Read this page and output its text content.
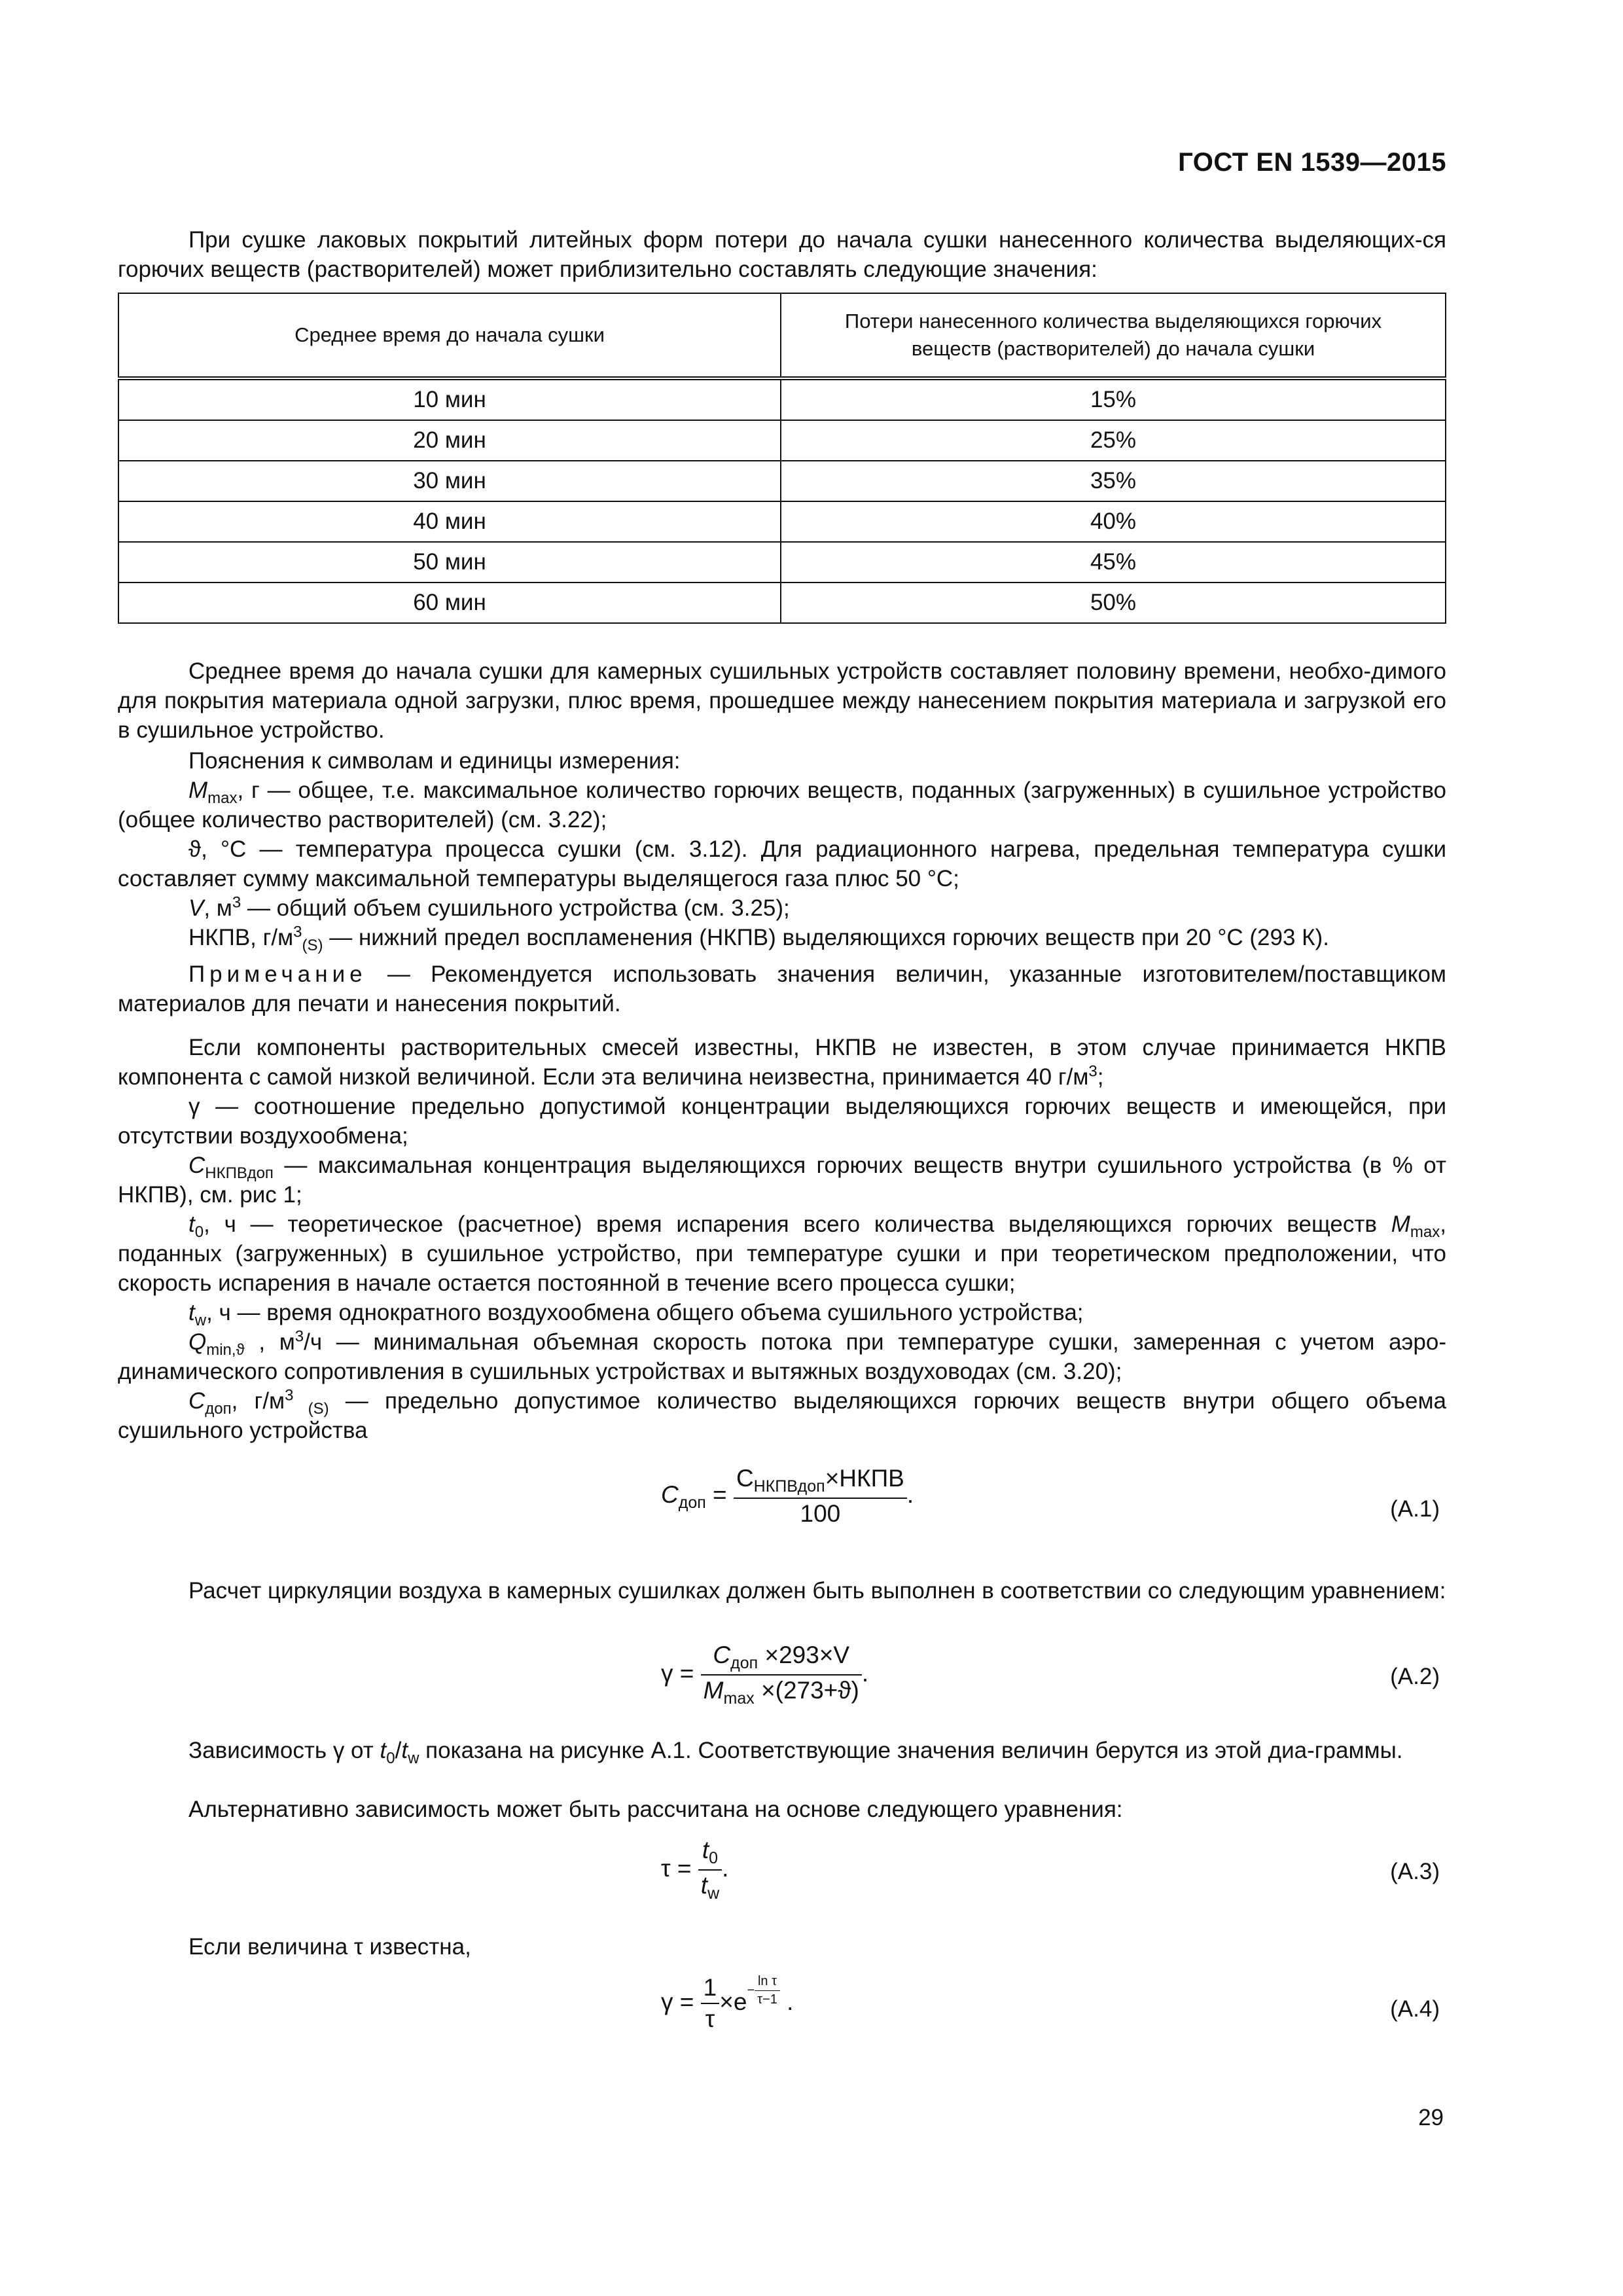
ГОСТ EN 1539—2015
При сушке лаковых покрытий литейных форм потери до начала сушки нанесенного количества выделяющих-ся горючих веществ (растворителей) может приблизительно составлять следующие значения:
Среднее время до начала сушки	Потери нанесенного количества выделяющихся горючих веществ (растворителей) до начала сушки

10 мин	15%
20 мин	25%
30 мин	35%
40 мин	40%
50 мин	45%
60 мин	50%
Среднее время до начала сушки для камерных сушильных устройств составляет половину времени, необхо-димого для покрытия материала одной загрузки, плюс время, прошедшее между нанесением покрытия материала и загрузкой его в сушильное устройство.
Пояснения к символам и единицы измерения:
$M_{max}$, г — общее, т.е. максимальное количество горючих веществ, поданных (загруженных) в сушильное устройство (общее количество растворителей) (см. 3.22);
ϑ, °С — температура процесса сушки (см. 3.12). Для радиационного нагрева, предельная температура сушки составляет сумму максимальной температуры выделящегося газа плюс 50 °С;
V, $м^3$ — общий объем сушильного устройства (см. 3.25);
НКПВ, $г/м^3_{(S)}$ — нижний предел воспламенения (НКПВ) выделяющихся горючих веществ при 20 °С (293 К).
Примечание — Рекомендуется использовать значения величин, указанные изготовителем/поставщиком материалов для печати и нанесения покрытий.
Если компоненты растворительных смесей известны, НКПВ не известен, в этом случае принимается НКПВ компонента с самой низкой величиной. Если эта величина неизвестна, принимается 40 $г/м^3$;
γ — соотношение предельно допустимой концентрации выделяющихся горючих веществ и имеющейся, при отсутствии воздухообмена;
$C_{НКПВдоп}$ — максимальная концентрация выделяющихся горючих веществ внутри сушильного устройства (в % от НКПВ), см. рис 1;
$t_0$, ч — теоретическое (расчетное) время испарения всего количества выделяющихся горючих веществ $M_{max}$, поданных (загруженных) в сушильное устройство, при температуре сушки и при теоретическом предположении, что скорость испарения в начале остается постоянной в течение всего процесса сушки;
$t_w$, ч — время однократного воздухообмена общего объема сушильного устройства;
$Q_{min,ϑ}$ , $м^3/ч$ — минимальная объемная скорость потока при температуре сушки, замеренная с учетом аэро-динамического сопротивления в сушильных устройствах и вытяжных воздуховодах (см. 3.20);
$C_{доп}$, $г/м^3$ $_{(S)}$ — предельно допустимое количество выделяющихся горючих веществ внутри общего объема сушильного устройства
$C_{доп} = \frac{C_{НКПВдоп}\times НКПВ}{100}$ .
(А.1)
Расчет циркуляции воздуха в камерных сушилках должен быть выполнен в соответствии со следующим уравнением:
$\gamma = \frac{C_{доп} \times 293\times V}{M_{max} \times(273+ϑ)}$ .	(А.2)
Зависимость γ от $t_0/t_w$ показана на рисунке А.1. Соответствующие значения величин берутся из этой диа-граммы.
Альтернативно зависимость может быть рассчитана на основе следующего уравнения:
$\tau = \frac{t_0}{t_w}$ .	(А.3)
Если величина τ известна,
$\gamma = \frac{1}{\tau} \times e- \frac{\text{ln τ}}{\tau-1}$ .	(А.4)
29
